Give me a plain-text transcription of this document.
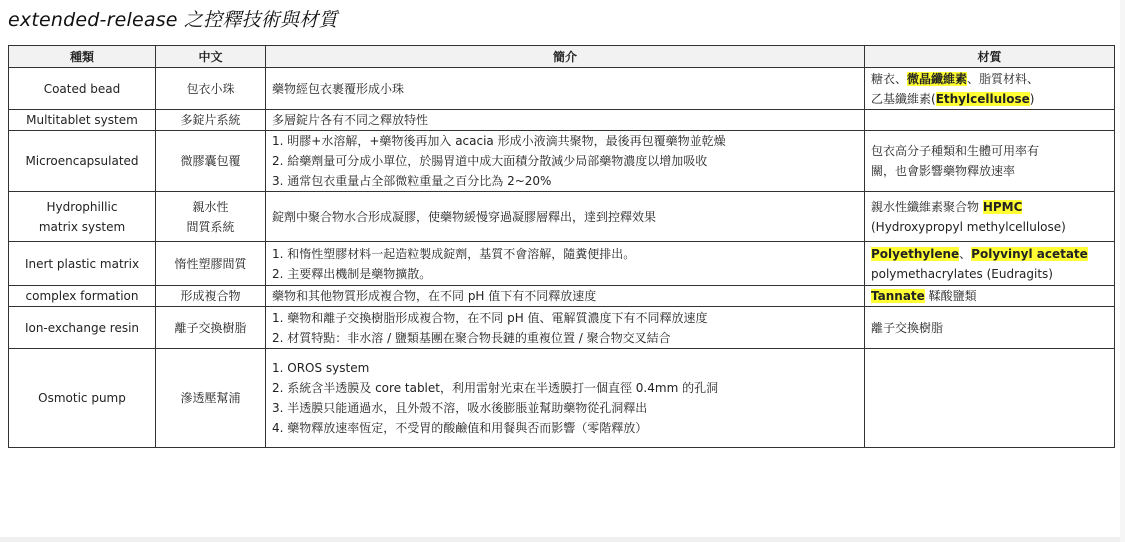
extended-release 之控釋技術與材質
種類	中文	簡介	材質

Coated bead	包衣小珠	藥物經包衣裹覆形成小珠	糖衣、微晶纖維素、脂質材料、
乙基纖維素(Ethylcellulose)

Multitablet system	多錠片系統	多層錠片各有不同之釋放特性	

Microencapsulated	微膠囊包覆	1. 明膠+水溶解，+藥物後再加入 acacia 形成小液滴共聚物，最後再包覆藥物並乾燥
2. 給藥劑量可分成小單位，於腸胃道中成大面積分散減少局部藥物濃度以增加吸收
3. 通常包衣重量占全部微粒重量之百分比為 2~20%	包衣高分子種類和生體可用率有
關，也會影響藥物釋放速率

Hydrophillic
matrix system	親水性
間質系統	錠劑中聚合物水合形成凝膠，使藥物緩慢穿過凝膠層釋出，達到控釋效果	親水性纖維素聚合物 HPMC
(Hydroxypropyl methylcellulose)

Inert plastic matrix	惰性塑膠間質	1. 和惰性塑膠材料一起造粒製成錠劑，基質不會溶解，隨糞便排出。
2. 主要釋出機制是藥物擴散。	Polyethylene、Polyvinyl acetate
polymethacrylates (Eudragits)

complex formation	形成複合物	藥物和其他物質形成複合物，在不同 pH 值下有不同釋放速度	Tannate 鞣酸鹽類

Ion-exchange resin	離子交換樹脂	1. 藥物和離子交換樹脂形成複合物，在不同 pH 值、電解質濃度下有不同釋放速度
2. 材質特點：非水溶 / 鹽類基團在聚合物長鏈的重複位置 / 聚合物交叉結合	離子交換樹脂

Osmotic pump	滲透壓幫浦	1. OROS system
2. 系統含半透膜及 core tablet，利用雷射光束在半透膜打一個直徑 0.4mm 的孔洞
3. 半透膜只能通過水，且外殼不溶，吸水後膨脹並幫助藥物從孔洞釋出
4. 藥物釋放速率恆定，不受胃的酸鹼值和用餐與否而影響（零階釋放）	
